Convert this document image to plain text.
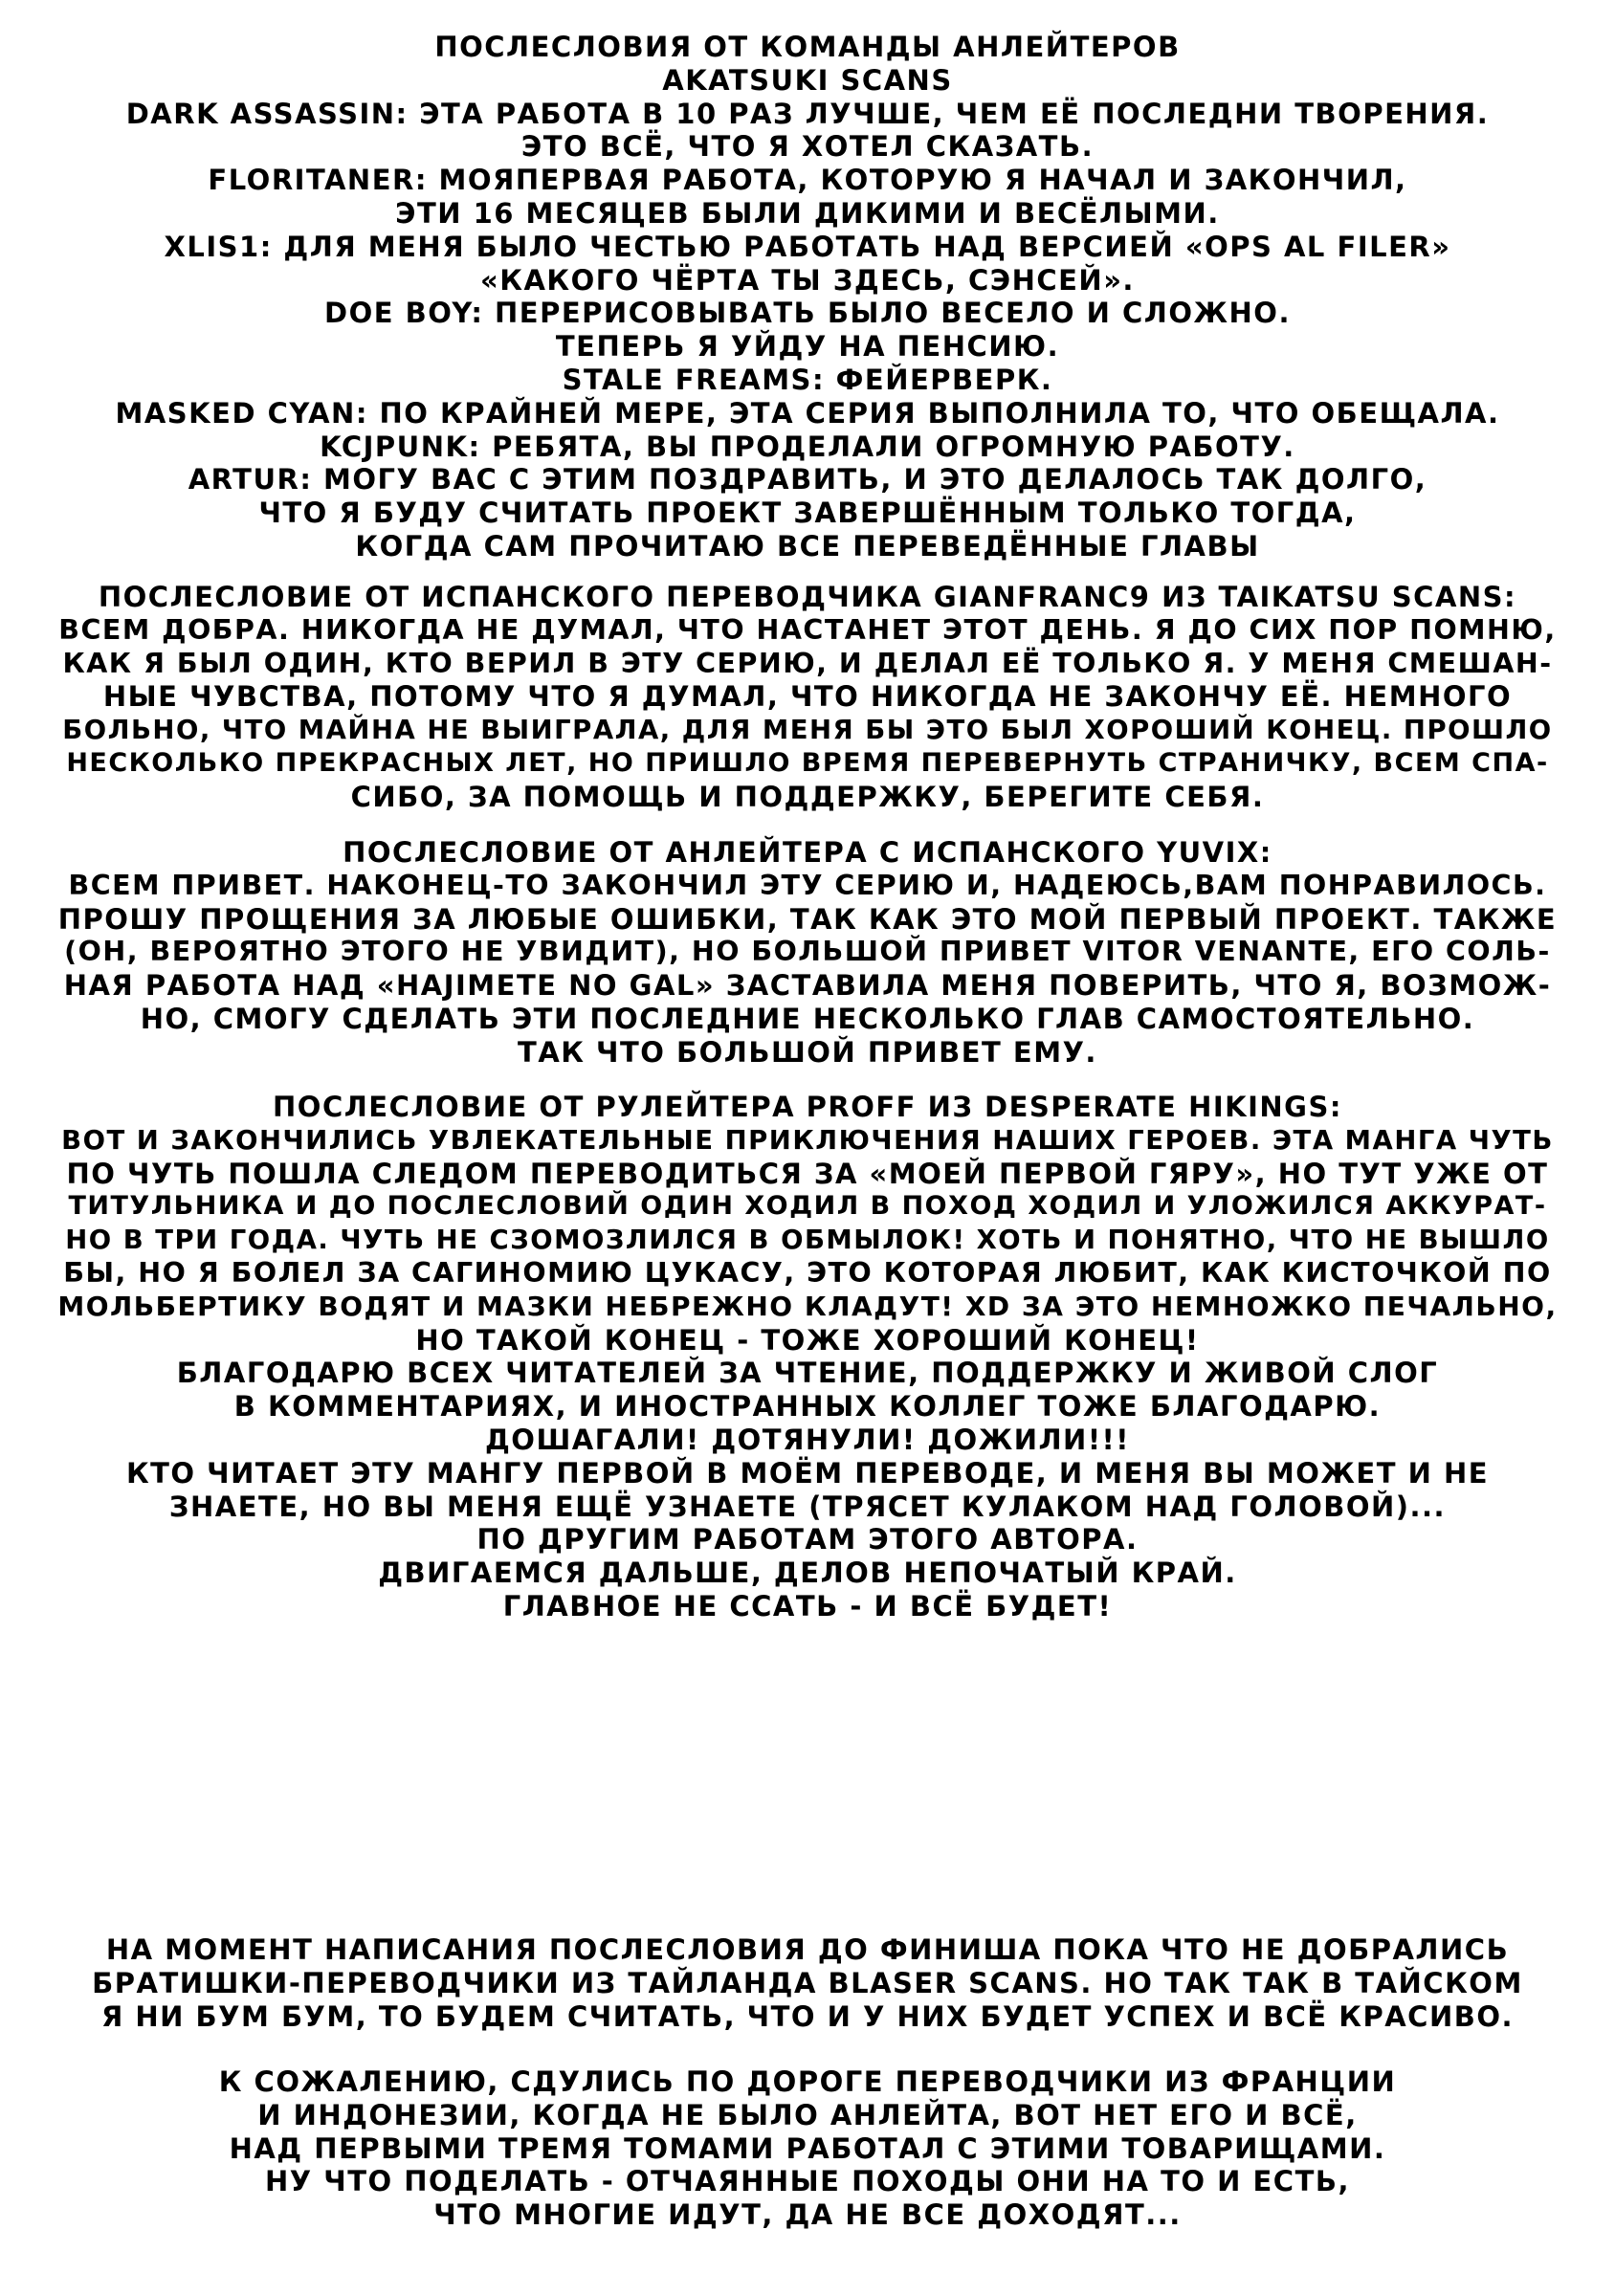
ПОСЛЕСЛОВИЯ ОТ КОМАНДЫ АНЛЕЙТЕРОВ
AKATSUKI SCANS
DARK ASSASSIN: ЭТА РАБОТА В 10 РАЗ ЛУЧШЕ, ЧЕМ ЕЁ ПОСЛЕДНИ ТВОРЕНИЯ.
ЭТО ВСЁ, ЧТО Я ХОТЕЛ СКАЗАТЬ.
FLORITANER: МОЯПЕРВАЯ РАБОТА, КОТОРУЮ Я НАЧАЛ И ЗАКОНЧИЛ,
ЭТИ 16 МЕСЯЦЕВ БЫЛИ ДИКИМИ И ВЕСЁЛЫМИ.
XLIS1: ДЛЯ МЕНЯ БЫЛО ЧЕСТЬЮ РАБОТАТЬ НАД ВЕРСИЕЙ «OPS AL FILER»
«КАКОГО ЧЁРТА ТЫ ЗДЕСЬ, СЭНСЕЙ».
DOE BOY: ПЕРЕРИСОВЫВАТЬ БЫЛО ВЕСЕЛО И СЛОЖНО.
ТЕПЕРЬ Я УЙДУ НА ПЕНСИЮ.
STALE FREAMS: ФЕЙЕРВЕРК.
MASKED CYAN: ПО КРАЙНЕЙ МЕРЕ, ЭТА СЕРИЯ ВЫПОЛНИЛА ТО, ЧТО ОБЕЩАЛА.
KCJPUNK: РЕБЯТА, ВЫ ПРОДЕЛАЛИ ОГРОМНУЮ РАБОТУ.
ARTUR: МОГУ ВАС С ЭТИМ ПОЗДРАВИТЬ, И ЭТО ДЕЛАЛОСЬ ТАК ДОЛГО,
ЧТО Я БУДУ СЧИТАТЬ ПРОЕКТ ЗАВЕРШЁННЫМ ТОЛЬКО ТОГДА,
КОГДА САМ ПРОЧИТАЮ ВСЕ ПЕРЕВЕДЁННЫЕ ГЛАВЫ
ПОСЛЕСЛОВИЕ ОТ ИСПАНСКОГО ПЕРЕВОДЧИКА GIANFRANC9 ИЗ TAIKATSU SCANS:
ВСЕМ ДОБРА. НИКОГДА НЕ ДУМАЛ, ЧТО НАСТАНЕТ ЭТОТ ДЕНЬ. Я ДО СИХ ПОР ПОМНЮ,
КАК Я БЫЛ ОДИН, КТО ВЕРИЛ В ЭТУ СЕРИЮ, И ДЕЛАЛ ЕЁ ТОЛЬКО Я. У МЕНЯ СМЕШАН-
НЫЕ ЧУВСТВА, ПОТОМУ ЧТО Я ДУМАЛ, ЧТО НИКОГДА НЕ ЗАКОНЧУ ЕЁ. НЕМНОГО
БОЛЬНО, ЧТО МАЙНА НЕ ВЫИГРАЛА, ДЛЯ МЕНЯ БЫ ЭТО БЫЛ ХОРОШИЙ КОНЕЦ. ПРОШЛО
НЕСКОЛЬКО ПРЕКРАСНЫХ ЛЕТ, НО ПРИШЛО ВРЕМЯ ПЕРЕВЕРНУТЬ СТРАНИЧКУ, ВСЕМ СПА-
СИБО, ЗА ПОМОЩЬ И ПОДДЕРЖКУ, БЕРЕГИТЕ СЕБЯ.
ПОСЛЕСЛОВИЕ ОТ АНЛЕЙТЕРА С ИСПАНСКОГО YUVIX:
ВСЕМ ПРИВЕТ. НАКОНЕЦ-ТО ЗАКОНЧИЛ ЭТУ СЕРИЮ И, НАДЕЮСЬ,ВАМ ПОНРАВИЛОСЬ.
ПРОШУ ПРОЩЕНИЯ ЗА ЛЮБЫЕ ОШИБКИ, ТАК КАК ЭТО МОЙ ПЕРВЫЙ ПРОЕКТ. ТАКЖЕ
(ОН, ВЕРОЯТНО ЭТОГО НЕ УВИДИТ), НО БОЛЬШОЙ ПРИВЕТ VITOR VENANTE, ЕГО СОЛЬ-
НАЯ РАБОТА НАД «HAJIMETE NO GAL» ЗАСТАВИЛА МЕНЯ ПОВЕРИТЬ, ЧТО Я, ВОЗМОЖ-
НО, СМОГУ СДЕЛАТЬ ЭТИ ПОСЛЕДНИЕ НЕСКОЛЬКО ГЛАВ САМОСТОЯТЕЛЬНО.
ТАК ЧТО БОЛЬШОЙ ПРИВЕТ ЕМУ.
ПОСЛЕСЛОВИЕ ОТ РУЛЕЙТЕРА PROFF ИЗ DESPERATE HIKINGS:
ВОТ И ЗАКОНЧИЛИСЬ УВЛЕКАТЕЛЬНЫЕ ПРИКЛЮЧЕНИЯ НАШИХ ГЕРОЕВ. ЭТА МАНГА ЧУТЬ
ПО ЧУТЬ ПОШЛА СЛЕДОМ ПЕРЕВОДИТЬСЯ ЗА «МОЕЙ ПЕРВОЙ ГЯРУ», НО ТУТ УЖЕ ОТ
ТИТУЛЬНИКА И ДО ПОСЛЕСЛОВИЙ ОДИН ХОДИЛ В ПОХОД ХОДИЛ И УЛОЖИЛСЯ АККУРАТ-
НО В ТРИ ГОДА. ЧУТЬ НЕ СЗОМОЗЛИЛСЯ В ОБМЫЛОК! ХОТЬ И ПОНЯТНО, ЧТО НЕ ВЫШЛО
БЫ, НО Я БОЛЕЛ ЗА САГИНОМИЮ ЦУКАСУ, ЭТО КОТОРАЯ ЛЮБИТ, КАК КИСТОЧКОЙ ПО
МОЛЬБЕРТИКУ ВОДЯТ И МАЗКИ НЕБРЕЖНО КЛАДУТ! XD ЗА ЭТО НЕМНОЖКО ПЕЧАЛЬНО,
НО ТАКОЙ КОНЕЦ - ТОЖЕ ХОРОШИЙ КОНЕЦ!
БЛАГОДАРЮ ВСЕХ ЧИТАТЕЛЕЙ ЗА ЧТЕНИЕ, ПОДДЕРЖКУ И ЖИВОЙ СЛОГ
В КОММЕНТАРИЯХ, И ИНОСТРАННЫХ КОЛЛЕГ ТОЖЕ БЛАГОДАРЮ.
ДОШАГАЛИ! ДОТЯНУЛИ! ДОЖИЛИ!!!
КТО ЧИТАЕТ ЭТУ МАНГУ ПЕРВОЙ В МОЁМ ПЕРЕВОДЕ, И МЕНЯ ВЫ МОЖЕТ И НЕ
ЗНАЕТЕ, НО ВЫ МЕНЯ ЕЩЁ УЗНАЕТЕ (ТРЯСЕТ КУЛАКОМ НАД ГОЛОВОЙ)...
ПО ДРУГИМ РАБОТАМ ЭТОГО АВТОРА.
ДВИГАЕМСЯ ДАЛЬШЕ, ДЕЛОВ НЕПОЧАТЫЙ КРАЙ.
ГЛАВНОЕ НЕ ССАТЬ - И ВСЁ БУДЕТ!
НА МОМЕНТ НАПИСАНИЯ ПОСЛЕСЛОВИЯ ДО ФИНИША ПОКА ЧТО НЕ ДОБРАЛИСЬ
БРАТИШКИ-ПЕРЕВОДЧИКИ ИЗ ТАЙЛАНДА BLASER SCANS. НО ТАК ТАК В ТАЙСКОМ
Я НИ БУМ БУМ, ТО БУДЕМ СЧИТАТЬ, ЧТО И У НИХ БУДЕТ УСПЕХ И ВСЁ КРАСИВО.
К СОЖАЛЕНИЮ, СДУЛИСЬ ПО ДОРОГЕ ПЕРЕВОДЧИКИ ИЗ ФРАНЦИИ
И ИНДОНЕЗИИ, КОГДА НЕ БЫЛО АНЛЕЙТА, ВОТ НЕТ ЕГО И ВСЁ,
НАД ПЕРВЫМИ ТРЕМЯ ТОМАМИ РАБОТАЛ С ЭТИМИ ТОВАРИЩАМИ.
НУ ЧТО ПОДЕЛАТЬ - ОТЧАЯННЫЕ ПОХОДЫ ОНИ НА ТО И ЕСТЬ,
ЧТО МНОГИЕ ИДУТ, ДА НЕ ВСЕ ДОХОДЯТ...
